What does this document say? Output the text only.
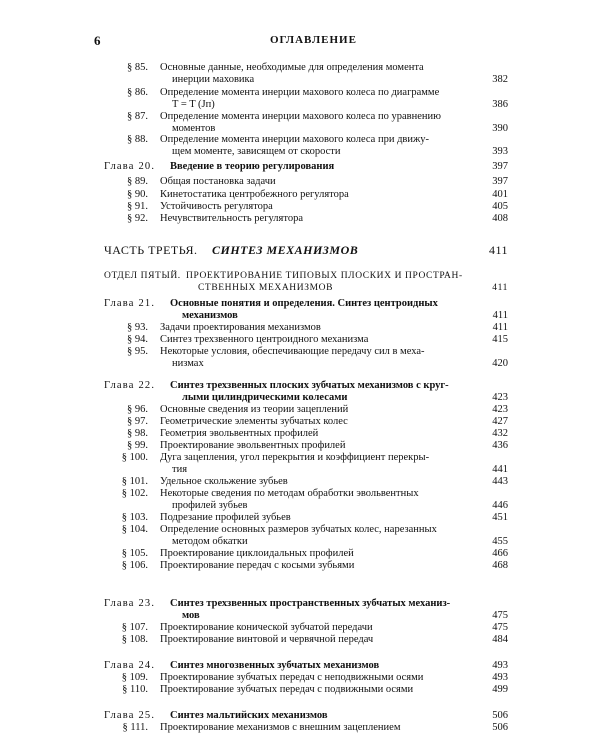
6	ОГЛАВЛЕНИЕ
§ 85. Основные данные, необходимые для определения момента
инерции маховика	382
§ 86. Определение момента инерции махового колеса по диаграмме
T = T (Jп)	386
§ 87. Определение момента инерции махового колеса по уравнению
моментов	390
§ 88. Определение момента инерции махового колеса при движу-
щем моменте, зависящем от скорости	393
Глава 20. Введение в теорию регулирования	397
§ 89. Общая постановка задачи	397
§ 90. Кинетостатика центробежного регулятора	401
§ 91. Устойчивость регулятора	405
§ 92. Нечувствительность регулятора	408
ЧАСТЬ ТРЕТЬЯ. СИНТЕЗ МЕХАНИЗМОВ	411
ОТДЕЛ ПЯТЫЙ. ПРОЕКТИРОВАНИЕ ТИПОВЫХ ПЛОСКИХ И ПРОСТРАН-
СТВЕННЫХ МЕХАНИЗМОВ	411
Глава 21. Основные понятия и определения. Синтез центроидных
механизмов	411
§ 93. Задачи проектирования механизмов	411
§ 94. Синтез трехзвенного центроидного механизма	415
§ 95. Некоторые условия, обеспечивающие передачу сил в меха-
низмах	420
Глава 22. Синтез трехзвенных плоских зубчатых механизмов с круг-
лыми цилиндрическими колесами	423
§ 96. Основные сведения из теории зацеплений	423
§ 97. Геометрические элементы зубчатых колес	427
§ 98. Геометрия эвольвентных профилей	432
§ 99. Проектирование эвольвентных профилей	436
§ 100. Дуга зацепления, угол перекрытия и коэффициент перекры-
тия	441
§ 101. Удельное скольжение зубьев	443
§ 102. Некоторые сведения по методам обработки эвольвентных
профилей зубьев	446
§ 103. Подрезание профилей зубьев	451
§ 104. Определение основных размеров зубчатых колес, нарезанных
методом обкатки	455
§ 105. Проектирование циклоидальных профилей	466
§ 106. Проектирование передач с косыми зубьями	468
Глава 23. Синтез трехзвенных пространственных зубчатых механиз-
мов	475
§ 107. Проектирование конической зубчатой передачи	475
§ 108. Проектирование винтовой и червячной передач	484
Глава 24. Синтез многозвенных зубчатых механизмов	493
§ 109. Проектирование зубчатых передач с неподвижными осями	493
§ 110. Проектирование зубчатых передач с подвижными осями	499
Глава 25. Синтез мальтийских механизмов	506
§ 111. Проектирование механизмов с внешним зацеплением	506
